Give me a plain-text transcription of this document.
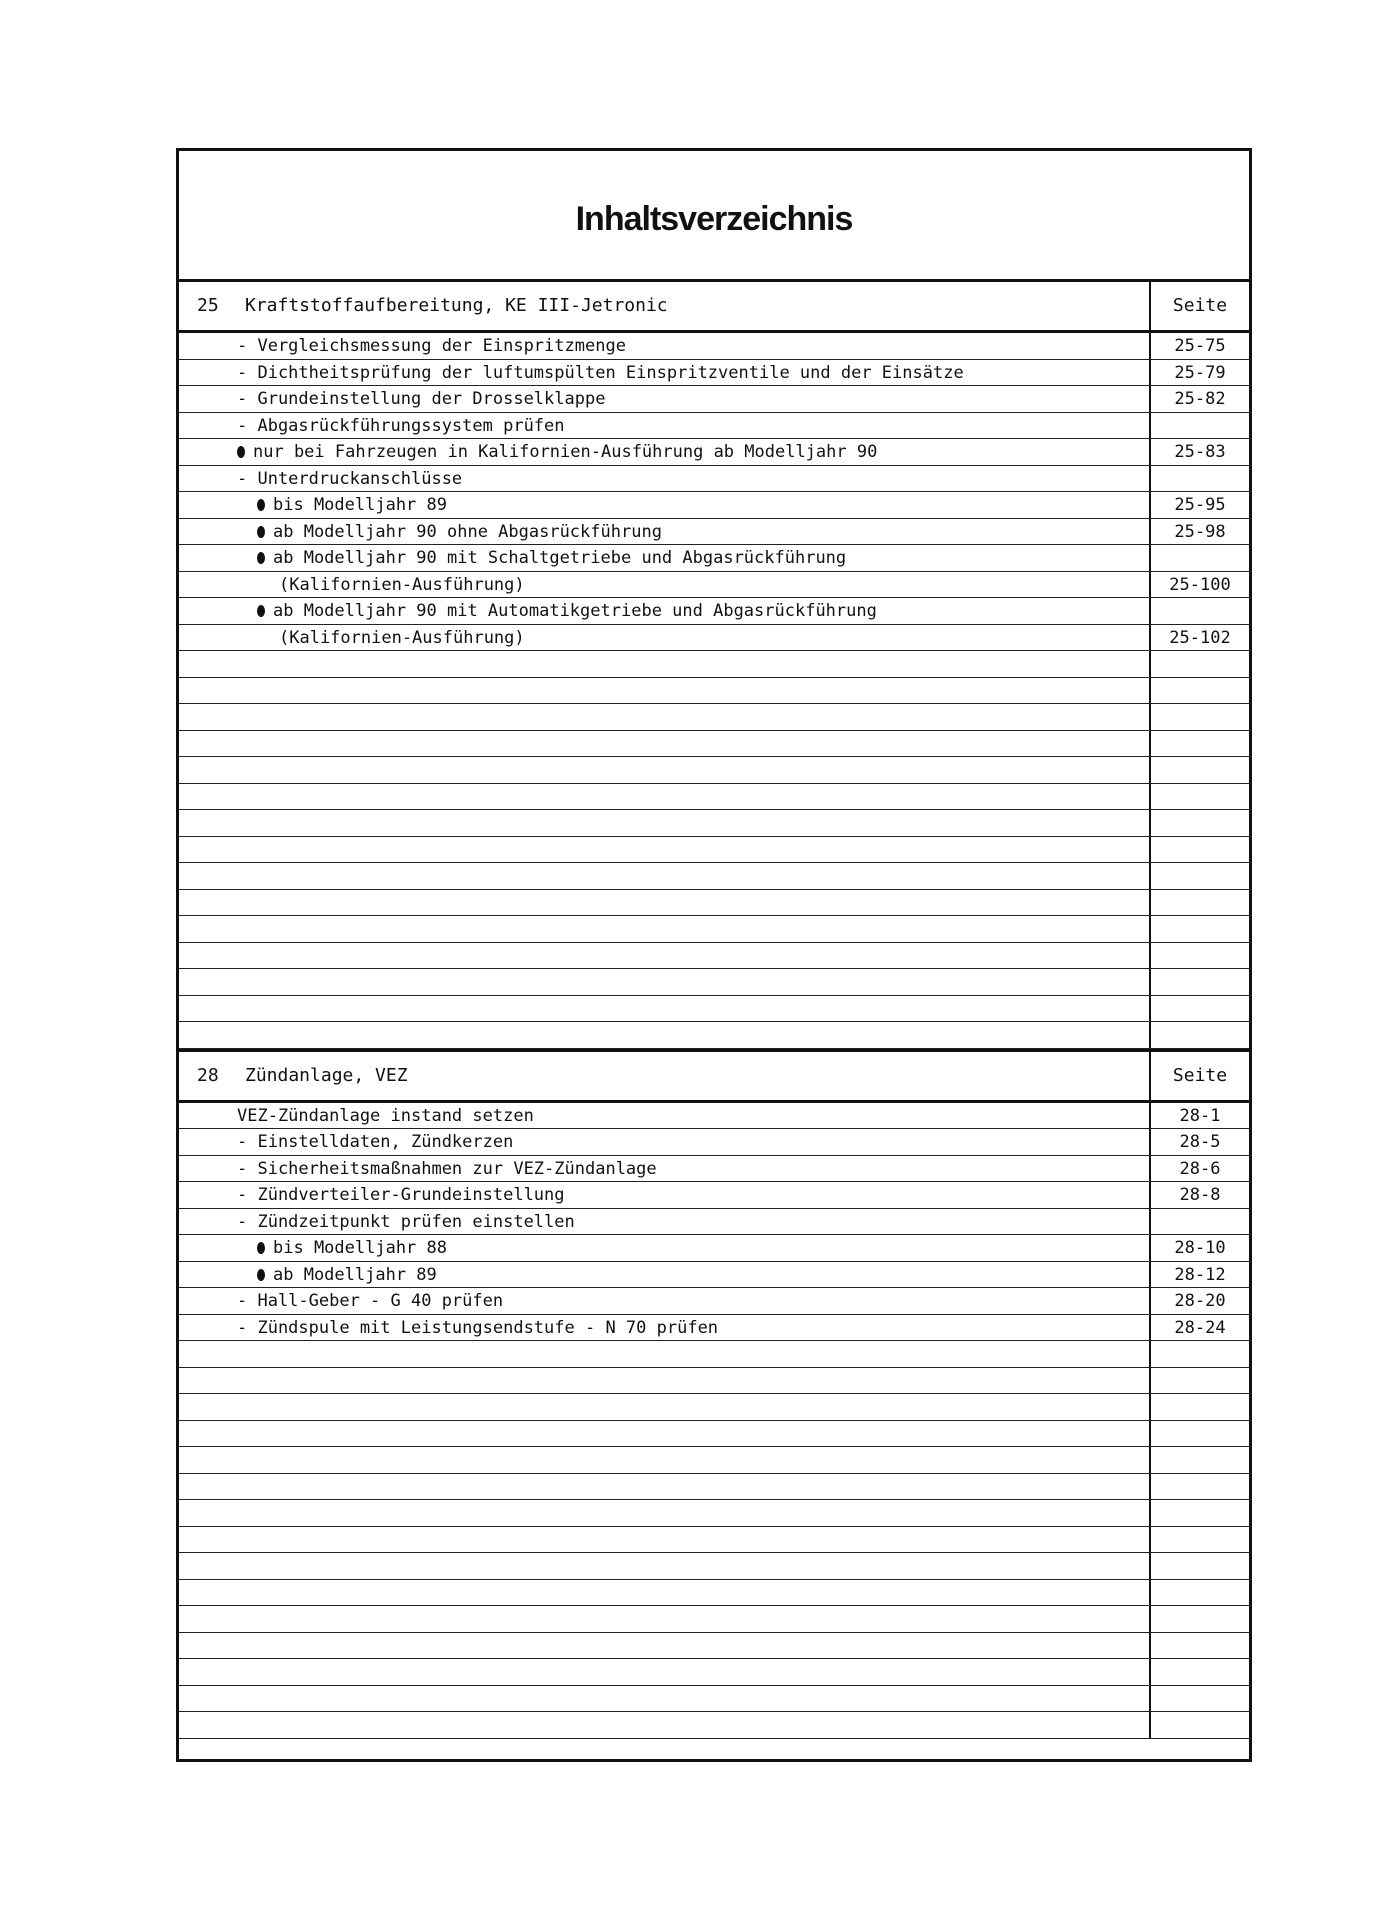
Inhaltsverzeichnis
25 Kraftstoffaufbereitung, KE III-Jetronic	Seite
- Vergleichsmessung der Einspritzmenge	25-75
- Dichtheitsprüfung der luftumspülten Einspritzventile und der Einsätze	25-79
- Grundeinstellung der Drosselklappe	25-82
- Abgasrückführungssystem prüfen
nur bei Fahrzeugen in Kalifornien-Ausführung ab Modelljahr 90	25-83
- Unterdruckanschlüsse
bis Modelljahr 89	25-95
ab Modelljahr 90 ohne Abgasrückführung	25-98
ab Modelljahr 90 mit Schaltgetriebe und Abgasrückführung
(Kalifornien-Ausführung)	25-100
ab Modelljahr 90 mit Automatikgetriebe und Abgasrückführung
(Kalifornien-Ausführung)	25-102
28 Zündanlage, VEZ	Seite
VEZ-Zündanlage instand setzen	28-1
- Einstelldaten, Zündkerzen	28-5
- Sicherheitsmaßnahmen zur VEZ-Zündanlage	28-6
- Zündverteiler-Grundeinstellung	28-8
- Zündzeitpunkt prüfen einstellen
bis Modelljahr 88	28-10
ab Modelljahr 89	28-12
- Hall-Geber - G 40 prüfen	28-20
- Zündspule mit Leistungsendstufe - N 70 prüfen	28-24
